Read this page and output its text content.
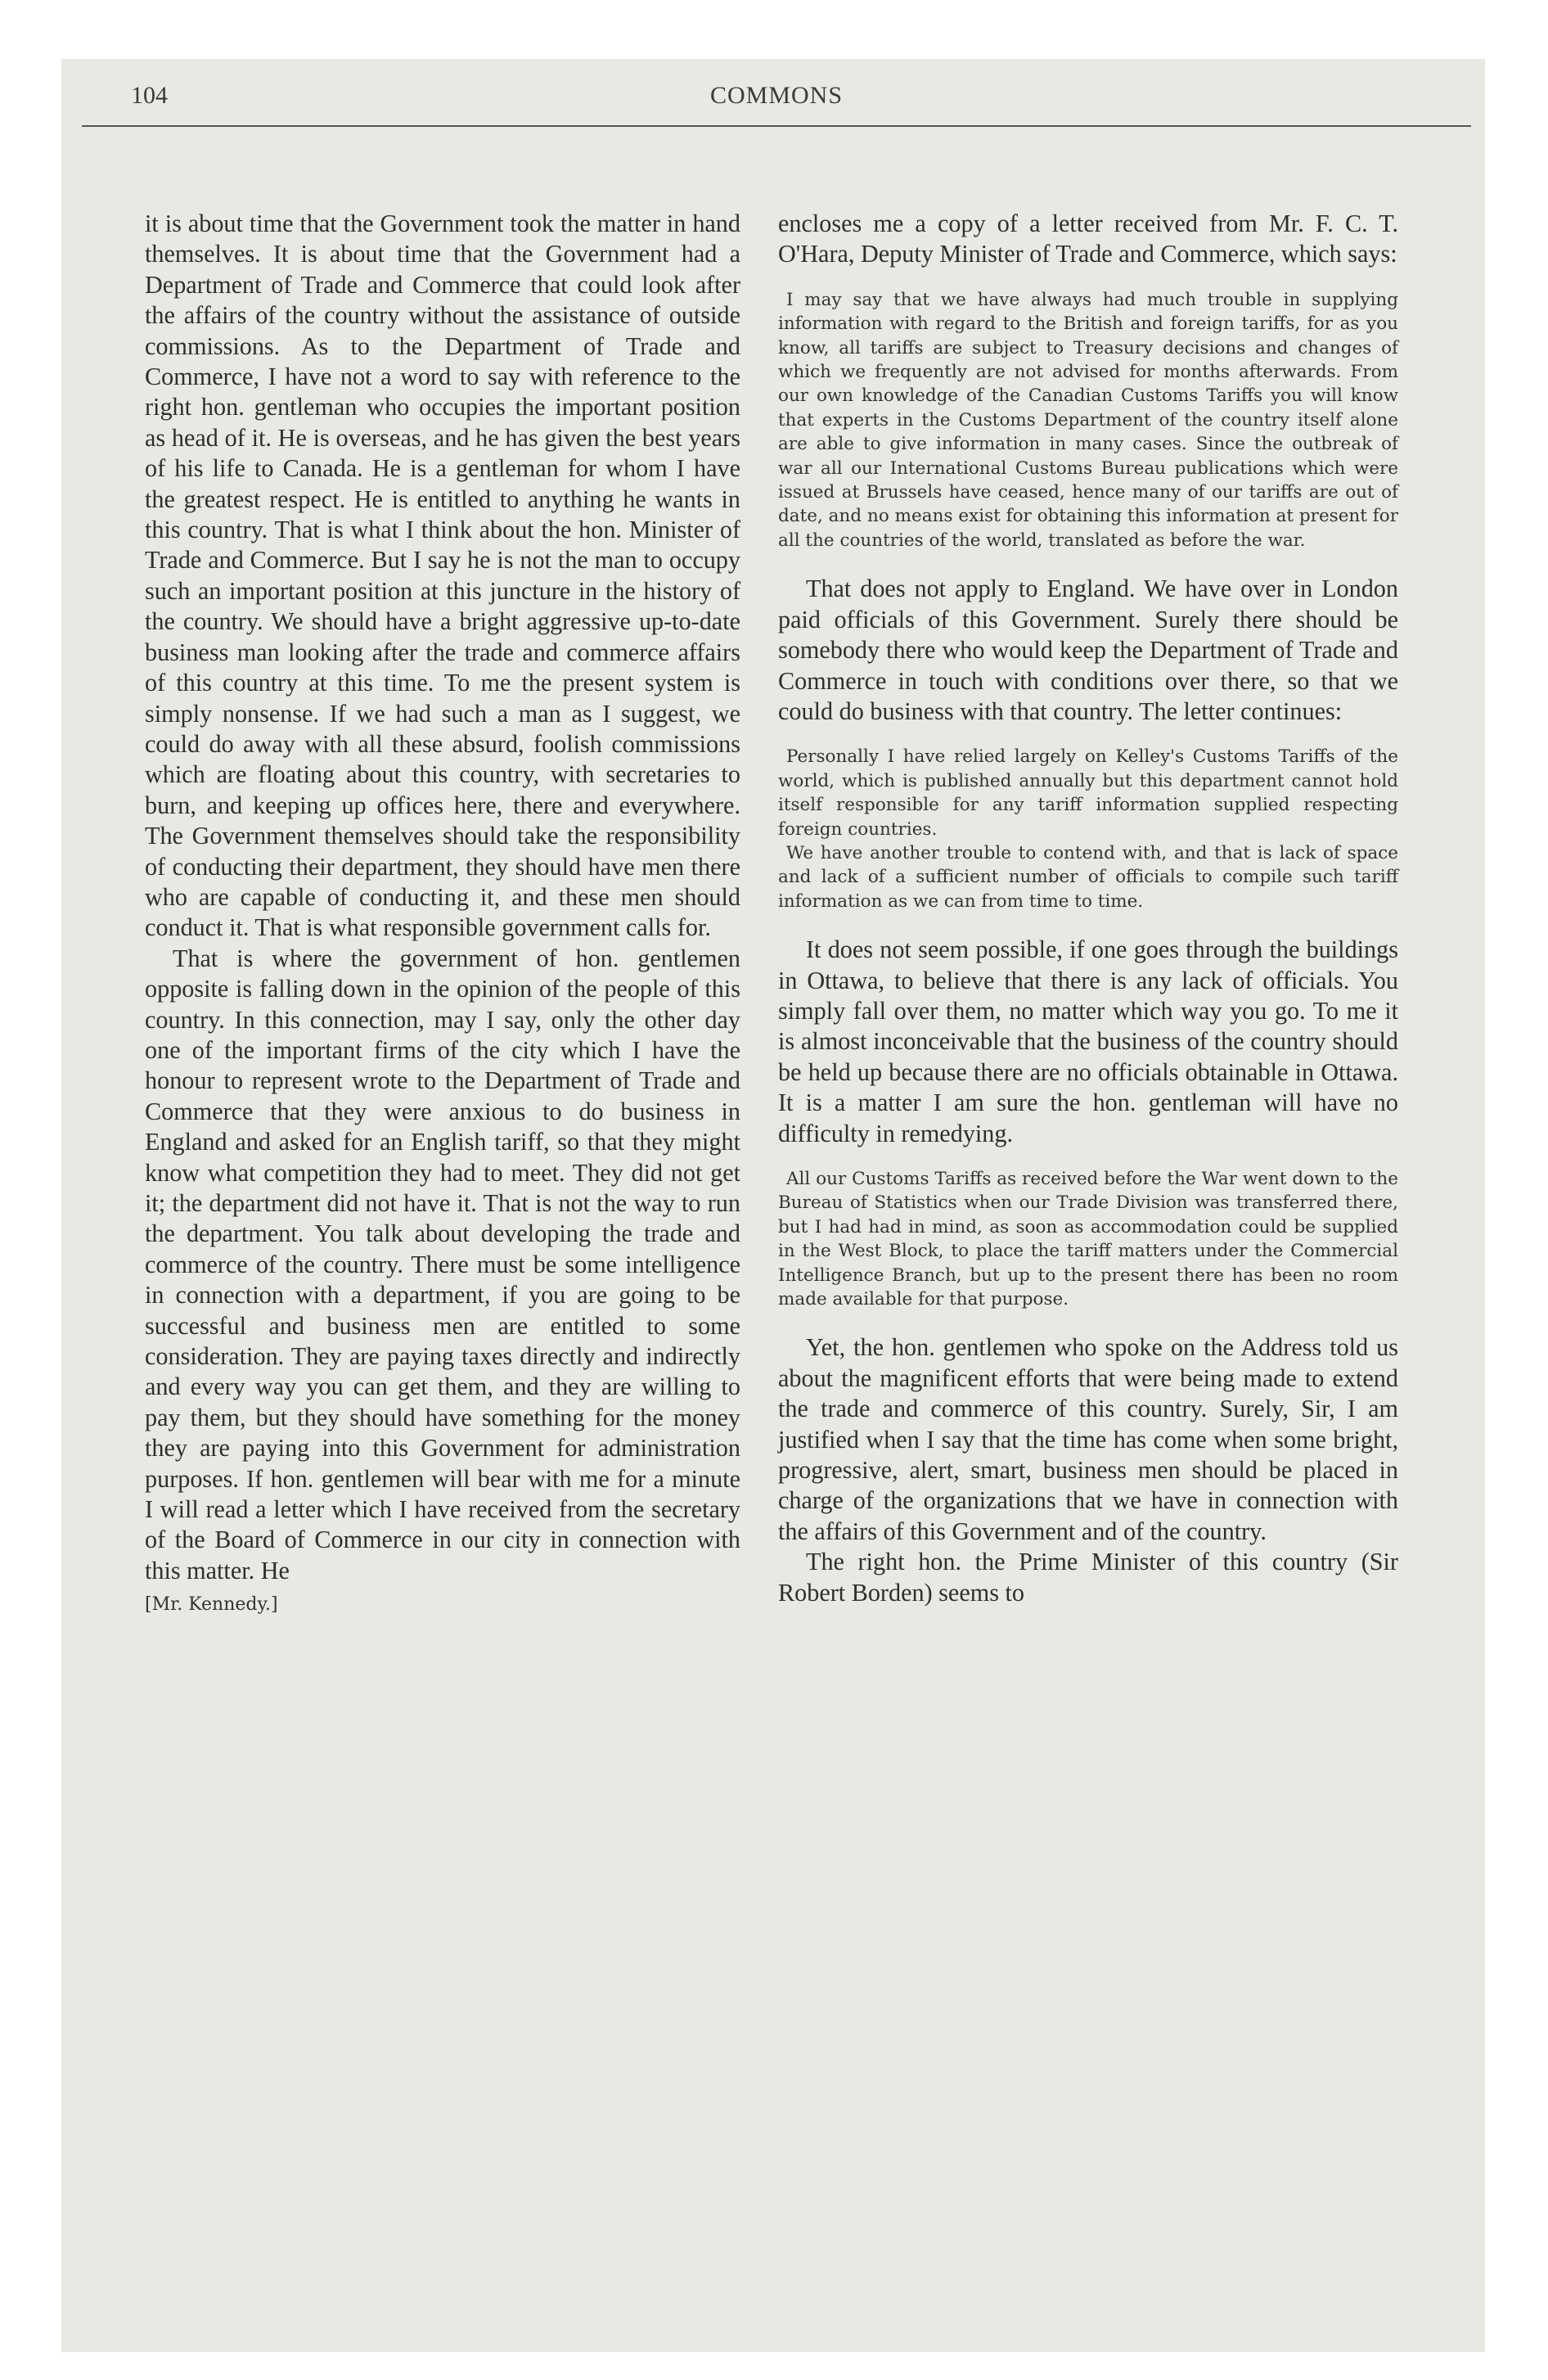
104	COMMONS

it is about time that the Government took the matter in hand themselves. It is about time that the Government had a Department of Trade and Commerce that could look after the affairs of the country without the assistance of outside commissions. As to the Department of Trade and Commerce, I have not a word to say with reference to the right hon. gentleman who occupies the important position as head of it. He is overseas, and he has given the best years of his life to Canada. He is a gentleman for whom I have the greatest respect. He is entitled to anything he wants in this country. That is what I think about the hon. Minister of Trade and Commerce. But I say he is not the man to occupy such an important position at this juncture in the history of the country. We should have a bright aggressive up-to-date business man looking after the trade and commerce affairs of this country at this time. To me the present system is simply nonsense. If we had such a man as I suggest, we could do away with all these absurd, foolish commissions which are floating about this country, with secretaries to burn, and keeping up offices here, there and everywhere. The Government themselves should take the responsibility of conducting their department, they should have men there who are capable of conducting it, and these men should conduct it. That is what responsible government calls for.

That is where the government of hon. gentlemen opposite is falling down in the opinion of the people of this country. In this connection, may I say, only the other day one of the important firms of the city which I have the honour to represent wrote to the Department of Trade and Commerce that they were anxious to do business in England and asked for an English tariff, so that they might know what competition they had to meet. They did not get it; the department did not have it. That is not the way to run the department. You talk about developing the trade and commerce of the country. There must be some intelligence in connection with a department, if you are going to be successful and business men are entitled to some consideration. They are paying taxes directly and indirectly and every way you can get them, and they are willing to pay them, but they should have something for the money they are paying into this Government for administration purposes. If hon. gentlemen will bear with me for a minute I will read a letter which I have received from the secretary of the Board of Commerce in our city in connection with this matter. He

[Mr. Kennedy.]

encloses me a copy of a letter received from Mr. F. C. T. O'Hara, Deputy Minister of Trade and Commerce, which says:

I may say that we have always had much trouble in supplying information with regard to the British and foreign tariffs, for as you know, all tariffs are subject to Treasury decisions and changes of which we frequently are not advised for months afterwards. From our own knowledge of the Canadian Customs Tariffs you will know that experts in the Customs Department of the country itself alone are able to give information in many cases. Since the outbreak of war all our International Customs Bureau publications which were issued at Brussels have ceased, hence many of our tariffs are out of date, and no means exist for obtaining this information at present for all the countries of the world, translated as before the war.

That does not apply to England. We have over in London paid officials of this Government. Surely there should be somebody there who would keep the Department of Trade and Commerce in touch with conditions over there, so that we could do business with that country. The letter continues:

Personally I have relied largely on Kelley's Customs Tariffs of the world, which is published annually but this department cannot hold itself responsible for any tariff information supplied respecting foreign countries.

We have another trouble to contend with, and that is lack of space and lack of a sufficient number of officials to compile such tariff information as we can from time to time.

It does not seem possible, if one goes through the buildings in Ottawa, to believe that there is any lack of officials. You simply fall over them, no matter which way you go. To me it is almost inconceivable that the business of the country should be held up because there are no officials obtainable in Ottawa. It is a matter I am sure the hon. gentleman will have no difficulty in remedying.

All our Customs Tariffs as received before the War went down to the Bureau of Statistics when our Trade Division was transferred there, but I had had in mind, as soon as accommodation could be supplied in the West Block, to place the tariff matters under the Commercial Intelligence Branch, but up to the present there has been no room made available for that purpose.

Yet, the hon. gentlemen who spoke on the Address told us about the magnificent efforts that were being made to extend the trade and commerce of this country. Surely, Sir, I am justified when I say that the time has come when some bright, progressive, alert, smart, business men should be placed in charge of the organizations that we have in connection with the affairs of this Government and of the country.

The right hon. the Prime Minister of this country (Sir Robert Borden) seems to
